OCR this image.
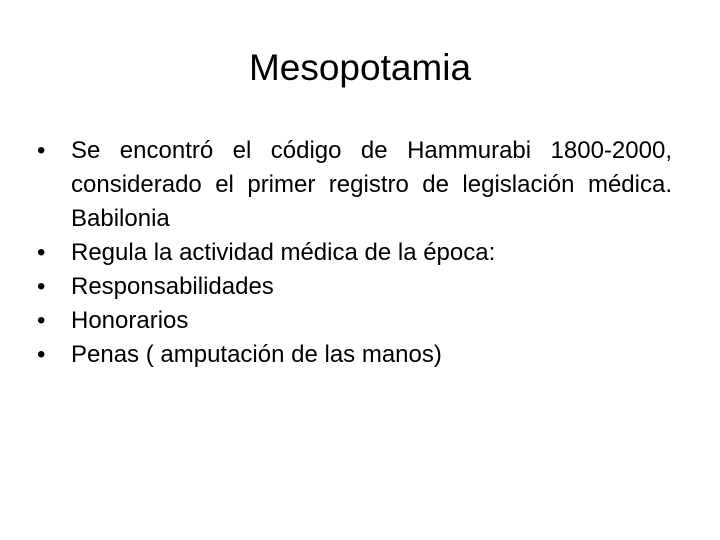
Mesopotamia
• Se encontró el código de Hammurabi 1800-2000, considerado el primer registro de legislación médica. Babilonia
• Regula la actividad médica de la época:
• Responsabilidades
• Honorarios
• Penas ( amputación de las manos)
